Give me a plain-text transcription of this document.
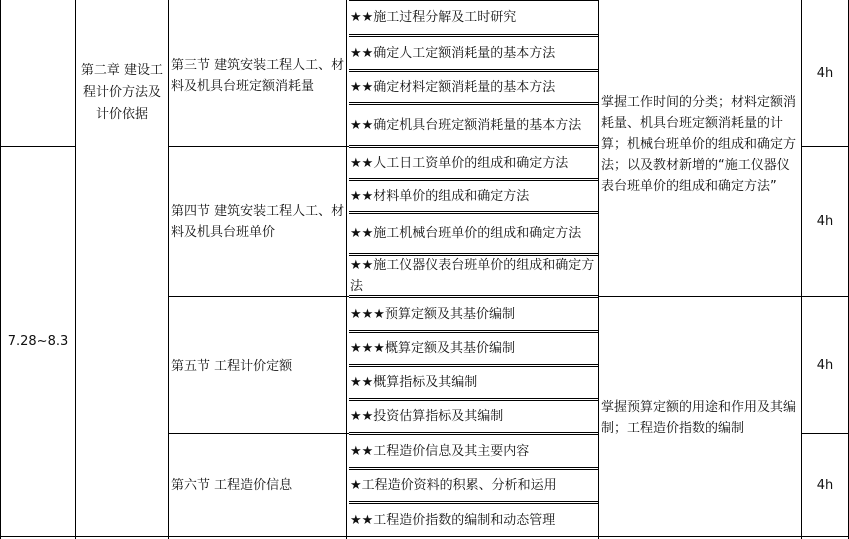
7.28~8.3
第二章 建设工程计价方法及计价依据
第三节 建筑安装工程人工、材料及机具台班定额消耗量
第四节 建筑安装工程人工、材料及机具台班单价
第五节 工程计价定额
第六节 工程造价信息
★★施工过程分解及工时研究
★★确定人工定额消耗量的基本方法
★★确定材料定额消耗量的基本方法
★★确定机具台班定额消耗量的基本方法
★★人工日工资单价的组成和确定方法
★★材料单价的组成和确定方法
★★施工机械台班单价的组成和确定方法
★★施工仪器仪表台班单价的组成和确定方法
★★★预算定额及其基价编制
★★★概算定额及其基价编制
★★概算指标及其编制
★★投资估算指标及其编制
★★工程造价信息及其主要内容
★工程造价资料的积累、分析和运用
★★工程造价指数的编制和动态管理
掌握工作时间的分类；材料定额消耗量、机具台班定额消耗量的计算；机械台班单价的组成和确定方法；以及教材新增的“施工仪器仪表台班单价的组成和确定方法”
掌握预算定额的用途和作用及其编制；工程造价指数的编制
4h
4h
4h
4h
